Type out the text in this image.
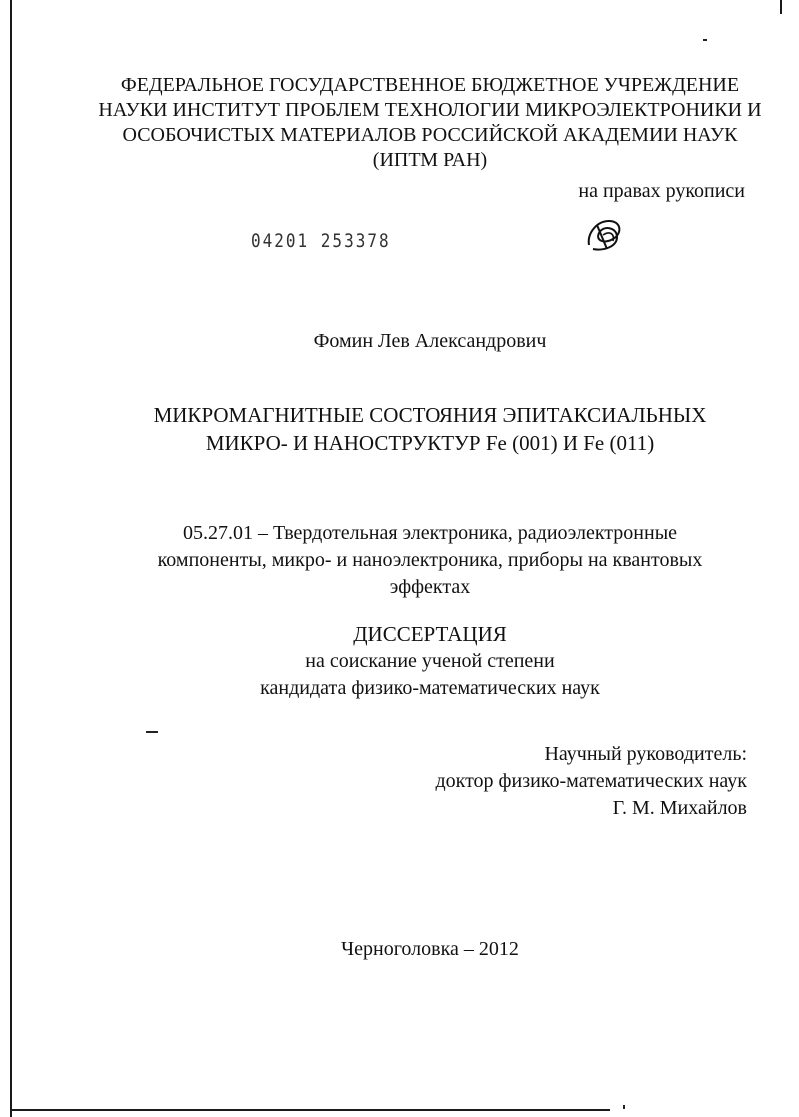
ФЕДЕРАЛЬНОЕ ГОСУДАРСТВЕННОЕ БЮДЖЕТНОЕ УЧРЕЖДЕНИЕ
НАУКИ ИНСТИТУТ ПРОБЛЕМ ТЕХНОЛОГИИ МИКРОЭЛЕКТРОНИКИ И
ОСОБОЧИСТЫХ МАТЕРИАЛОВ РОССИЙСКОЙ АКАДЕМИИ НАУК
(ИПТМ РАН)
на правах рукописи
04201 253378
Фомин Лев Александрович
МИКРОМАГНИТНЫЕ СОСТОЯНИЯ ЭПИТАКСИАЛЬНЫХ
МИКРО- И НАНОСТРУКТУР Fe (001) И Fe (011)
05.27.01 – Твердотельная электроника, радиоэлектронные
компоненты, микро- и наноэлектроника, приборы на квантовых
эффектах
ДИССЕРТАЦИЯ
на соискание ученой степени
кандидата физико-математических наук
Научный руководитель:
доктор физико-математических наук
Г. М. Михайлов
Черноголовка – 2012
